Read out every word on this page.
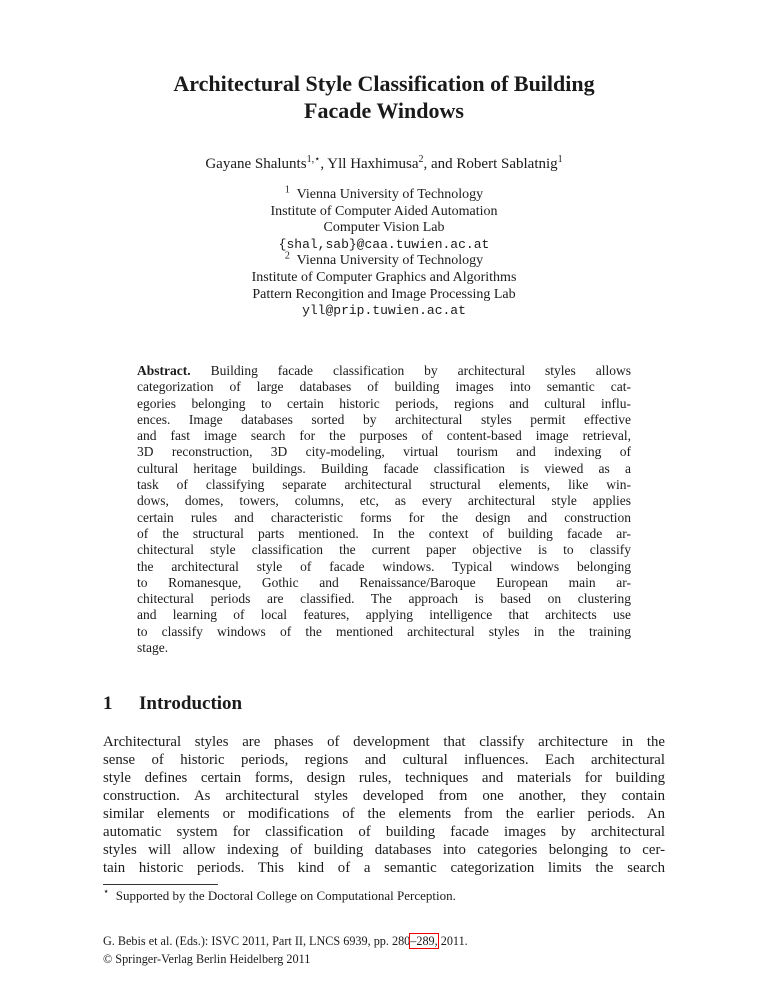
Architectural Style Classification of Building
Facade Windows
Gayane Shalunts$^{1,⋆}$, Yll Haxhimusa$^2$, and Robert Sablatnig$^1$
$^1$ Vienna University of Technology
Institute of Computer Aided Automation
Computer Vision Lab
{shal,sab}@caa.tuwien.ac.at
$^2$ Vienna University of Technology
Institute of Computer Graphics and Algorithms
Pattern Recongition and Image Processing Lab
yll@prip.tuwien.ac.at
Abstract. Building facade classification by architectural styles allows
categorization of large databases of building images into semantic cat-
egories belonging to certain historic periods, regions and cultural influ-
ences. Image databases sorted by architectural styles permit effective
and fast image search for the purposes of content-based image retrieval,
3D reconstruction, 3D city-modeling, virtual tourism and indexing of
cultural heritage buildings. Building facade classification is viewed as a
task of classifying separate architectural structural elements, like win-
dows, domes, towers, columns, etc, as every architectural style applies
certain rules and characteristic forms for the design and construction
of the structural parts mentioned. In the context of building facade ar-
chitectural style classification the current paper objective is to classify
the architectural style of facade windows. Typical windows belonging
to Romanesque, Gothic and Renaissance/Baroque European main ar-
chitectural periods are classified. The approach is based on clustering
and learning of local features, applying intelligence that architects use
to classify windows of the mentioned architectural styles in the training
stage.
1 Introduction
Architectural styles are phases of development that classify architecture in the
sense of historic periods, regions and cultural influences. Each architectural
style defines certain forms, design rules, techniques and materials for building
construction. As architectural styles developed from one another, they contain
similar elements or modifications of the elements from the earlier periods. An
automatic system for classification of building facade images by architectural
styles will allow indexing of building databases into categories belonging to cer-
tain historic periods. This kind of a semantic categorization limits the search
⋆ Supported by the Doctoral College on Computational Perception.
G. Bebis et al. (Eds.): ISVC 2011, Part II, LNCS 6939, pp. 280–289, 2011.
© Springer-Verlag Berlin Heidelberg 2011
